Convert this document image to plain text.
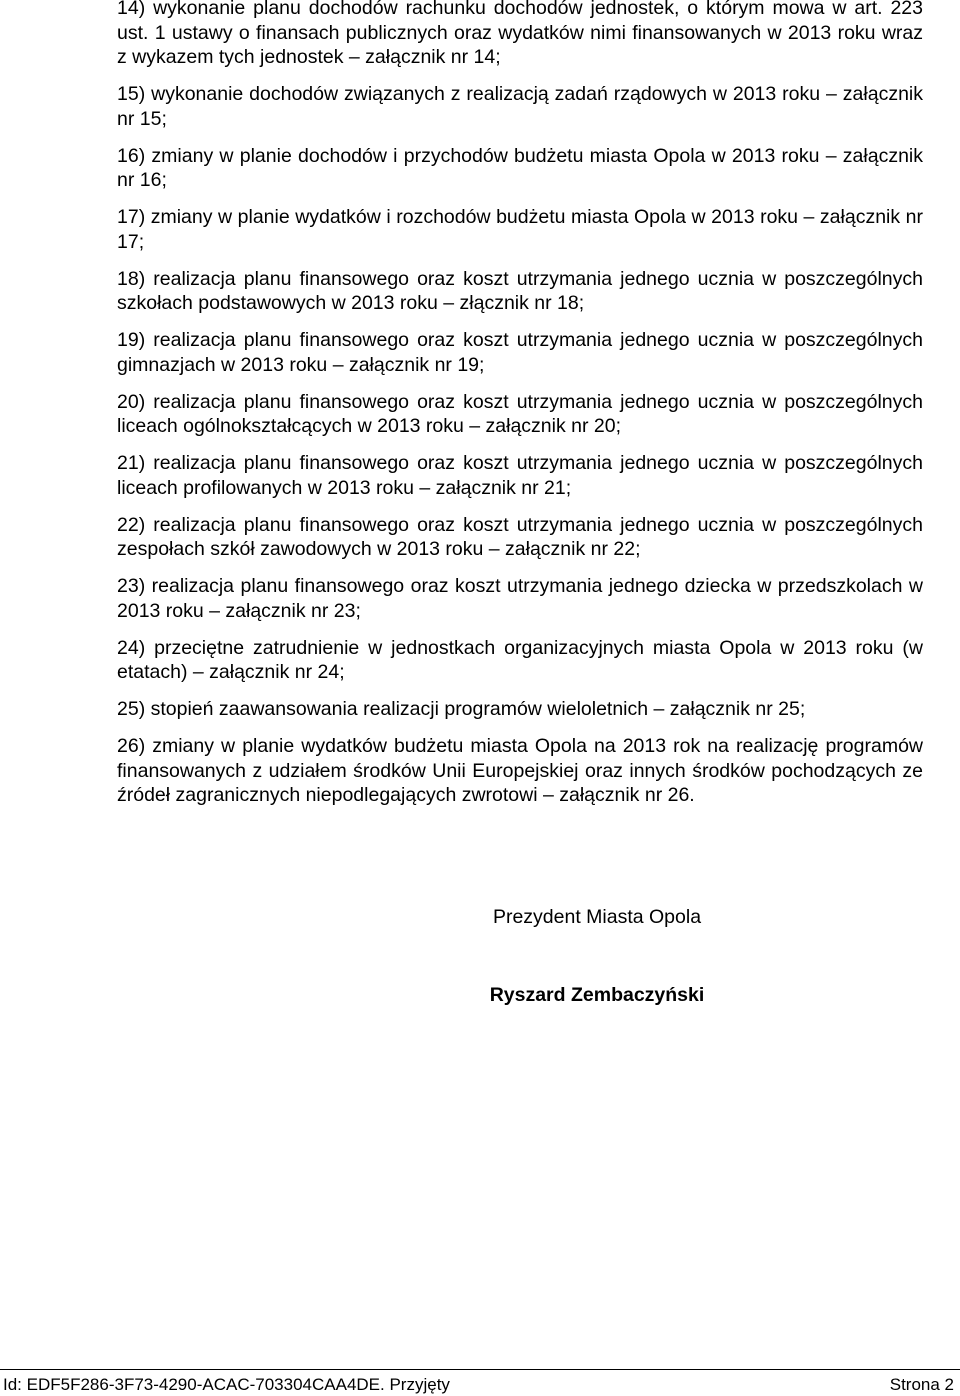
14) wykonanie planu dochodów rachunku dochodów jednostek, o którym mowa w art. 223 ust. 1 ustawy o finansach publicznych oraz wydatków nimi finansowanych w 2013 roku wraz z wykazem tych jednostek – załącznik nr 14;

15) wykonanie dochodów związanych z realizacją zadań rządowych w 2013 roku – załącznik nr 15;

16) zmiany w planie dochodów i przychodów budżetu miasta Opola w 2013 roku – załącznik nr 16;

17) zmiany w planie wydatków i rozchodów budżetu miasta Opola w 2013 roku – załącznik nr 17;

18) realizacja planu finansowego oraz koszt utrzymania jednego ucznia w poszczególnych szkołach podstawowych w 2013 roku – złącznik nr 18;

19) realizacja planu finansowego oraz koszt utrzymania jednego ucznia w poszczególnych gimnazjach w 2013 roku – załącznik nr 19;

20) realizacja planu finansowego oraz koszt utrzymania jednego ucznia w poszczególnych liceach ogólnokształcących w 2013 roku – załącznik nr 20;

21) realizacja planu finansowego oraz koszt utrzymania jednego ucznia w poszczególnych liceach profilowanych w 2013 roku – załącznik nr 21;

22) realizacja planu finansowego oraz koszt utrzymania jednego ucznia w poszczególnych zespołach szkół zawodowych w 2013 roku – załącznik nr 22;

23) realizacja planu finansowego oraz koszt utrzymania jednego dziecka w przedszkolach w 2013 roku – załącznik nr 23;

24) przeciętne zatrudnienie w jednostkach organizacyjnych miasta Opola w 2013 roku (w etatach) – załącznik nr 24;

25) stopień zaawansowania realizacji programów wieloletnich – załącznik nr 25;

26) zmiany w planie wydatków budżetu miasta Opola na 2013 rok na realizację programów finansowanych z udziałem środków Unii Europejskiej oraz innych środków pochodzących ze źródeł zagranicznych niepodlegających zwrotowi – załącznik nr 26.

Prezydent Miasta Opola
Ryszard Zembaczyński
Id: EDF5F286-3F73-4290-ACAC-703304CAA4DE. Przyjęty	Strona 2
